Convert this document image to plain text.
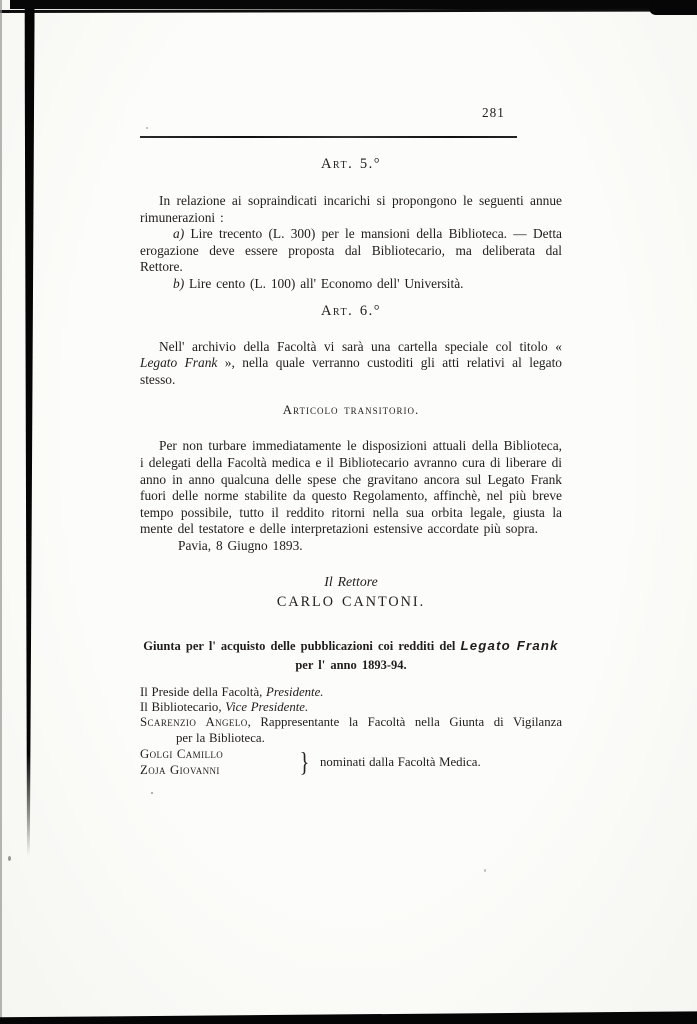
281
Art. 5.°

In relazione ai sopraindicati incarichi si propongono le seguenti annue rimunerazioni :

a) Lire trecento (L. 300) per le mansioni della Biblioteca. — Detta erogazione deve essere proposta dal Bibliotecario, ma deliberata dal Rettore.

b) Lire cento (L. 100) all' Economo dell' Università.

Art. 6.°

Nell' archivio della Facoltà vi sarà una cartella speciale col titolo « Legato Frank », nella quale verranno custoditi gli atti relativi al legato stesso.

Articolo transitorio.

Per non turbare immediatamente le disposizioni attuali della Biblioteca, i delegati della Facoltà medica e il Bibliotecario avranno cura di liberare di anno in anno qualcuna delle spese che gravitano ancora sul Legato Frank fuori delle norme stabilite da questo Regolamento, affinchè, nel più breve tempo possibile, tutto il reddito ritorni nella sua orbita legale, giusta la mente del testatore e delle interpretazioni estensive accordate più sopra.

Pavia, 8 Giugno 1893.

Il Rettore
CARLO CANTONI.
Giunta per l' acquisto delle pubblicazioni coi redditi del Legato Frank
per l' anno 1893-94.

Il Preside della Facoltà, Presidente.

Il Bibliotecario, Vice Presidente.

Scarenzio Angelo, Rappresentante la Facoltà nella Giunta di Vigilanza

per la Biblioteca.

Golgi Camillo
Zoja Giovanni	} nominati dalla Facoltà Medica.
